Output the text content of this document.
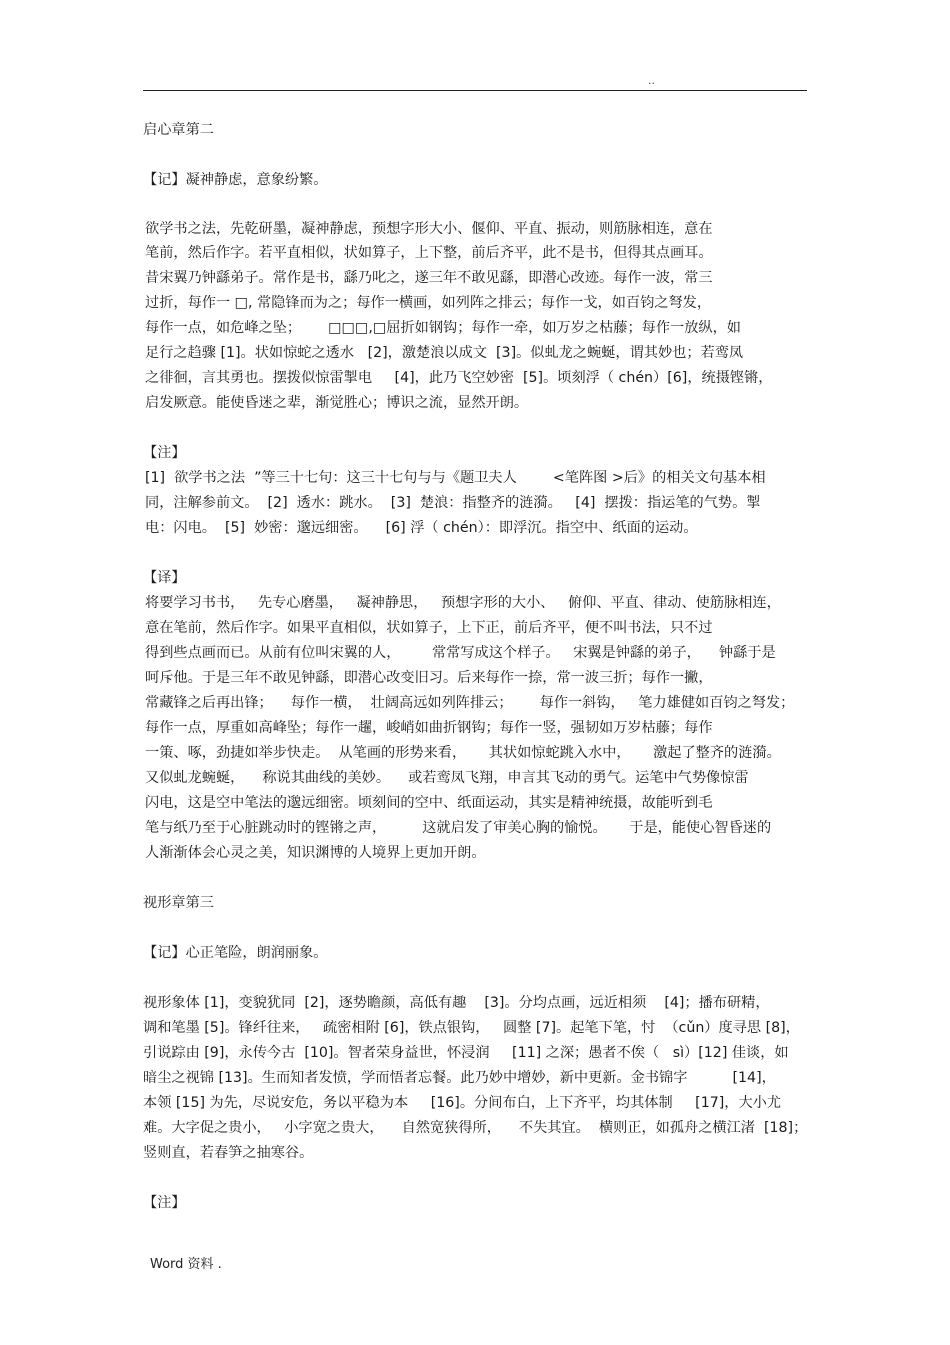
..
启心章第二
【记】凝神静虑，意象纷繁。
欲学书之法，先乾研墨，凝神静虑，预想字形大小、偃仰、平直、振动，则筋脉相连，意在
笔前，然后作字。若平直相似，状如算子，上下整，前后齐平，此不是书，但得其点画耳。
昔宋翼乃钟繇弟子。常作是书，繇乃叱之，遂三年不敢见繇，即潜心改迹。每作一波，常三
过折，每作一 □, 常隐锋而为之；每作一横画，如列阵之排云；每作一戈，如百钧之弩发，
每作一点，如危峰之坠；      □□□,□屈折如钢钩；每作一牵，如万岁之枯藤；每作一放纵，如
足行之趋骤 [1]。状如惊蛇之透水   [2]，激楚浪以成文  [3]。似虬龙之蜿蜒，谓其妙也；若鸾凤
之徘徊，言其勇也。摆拨似惊雷掣电     [4]，此乃飞空妙密  [5]。顷刻浮（ chén）[6]，统摄铿锵，
启发厥意。能使昏迷之辈，渐觉胜心；博识之流，显然开朗。
【注】
[1]  欲学书之法  ”等三十七句：这三十七句与与《题卫夫人        <笔阵图 >后》的相关文句基本相
同，注解参前文。  [2]  透水：跳水。  [3]  楚浪：指整齐的涟漪。   [4]  摆拨：指运笔的气势。掣
电：闪电。  [5]  妙密：邈远细密。    [6] 浮（ chén）：即浮沉。指空中、纸面的运动。
【译】
将要学习书书，   先专心磨墨，   凝神静思，   预想字形的大小、   俯仰、平直、律动、使筋脉相连，
意在笔前，然后作字。如果平直相似，状如算子，上下正，前后齐平，便不叫书法，只不过
得到些点画而已。从前有位叫宋翼的人，       常常写成这个样子。   宋翼是钟繇的弟子，    钟繇于是
呵斥他。于是三年不敢见钟繇，即潜心改变旧习。后来每作一捺，常一波三折；每作一撇，
常藏锋之后再出锋；    每作一横，  壮阔高远如列阵排云；      每作一斜钩，   笔力雄健如百钧之弩发；
每作一点，厚重如高峰坠；每作一趯，峻峭如曲折钢钩；每作一竖，强韧如万岁枯藤；每作
一策、啄，劲捷如举步快走。  从笔画的形势来看，     其状如惊蛇跳入水中，     激起了整齐的涟漪。
又似虬龙蜿蜒，    称说其曲线的美妙。    或若鸾凤飞翔，申言其飞动的勇气。运笔中气势像惊雷
闪电，这是空中笔法的邈远细密。顷刻间的空中、纸面运动，其实是精神统摄，故能听到毛
笔与纸乃至于心脏跳动时的铿锵之声，        这就启发了审美心胸的愉悦。     于是，能使心智昏迷的
人渐渐体会心灵之美，知识渊博的人境界上更加开朗。
视形章第三
【记】心正笔险，朗润丽象。
视形象体 [1]，变貌犹同  [2]，逐势瞻颜，高低有趣    [3]。分均点画，远近相须    [4]；播布研精，
调和笔墨 [5]。锋纤往来，   疏密相附 [6]，铁点银钩，   圆整 [7]。起笔下笔，忖  （cǔn）度寻思 [8]，
引说踪由 [9]，永传今古  [10]。智者荣身益世，怀浸润     [11] 之深；愚者不俟（   sì）[12] 佳谈，如
暗尘之视锦 [13]。生而知者发愤，学而悟者忘餐。此乃妙中增妙，新中更新。金书锦字          [14]，
本领 [15] 为先，尽说安危，务以平稳为本     [16]。分间布白，上下齐平，均其体制     [17]，大小尤
难。大字促之贵小，   小字宽之贵大，    自然宽狭得所，    不失其宜。  横则正，如孤舟之横江渚  [18]；
竖则直，若春笋之抽寒谷。
【注】
Word 资料 .
